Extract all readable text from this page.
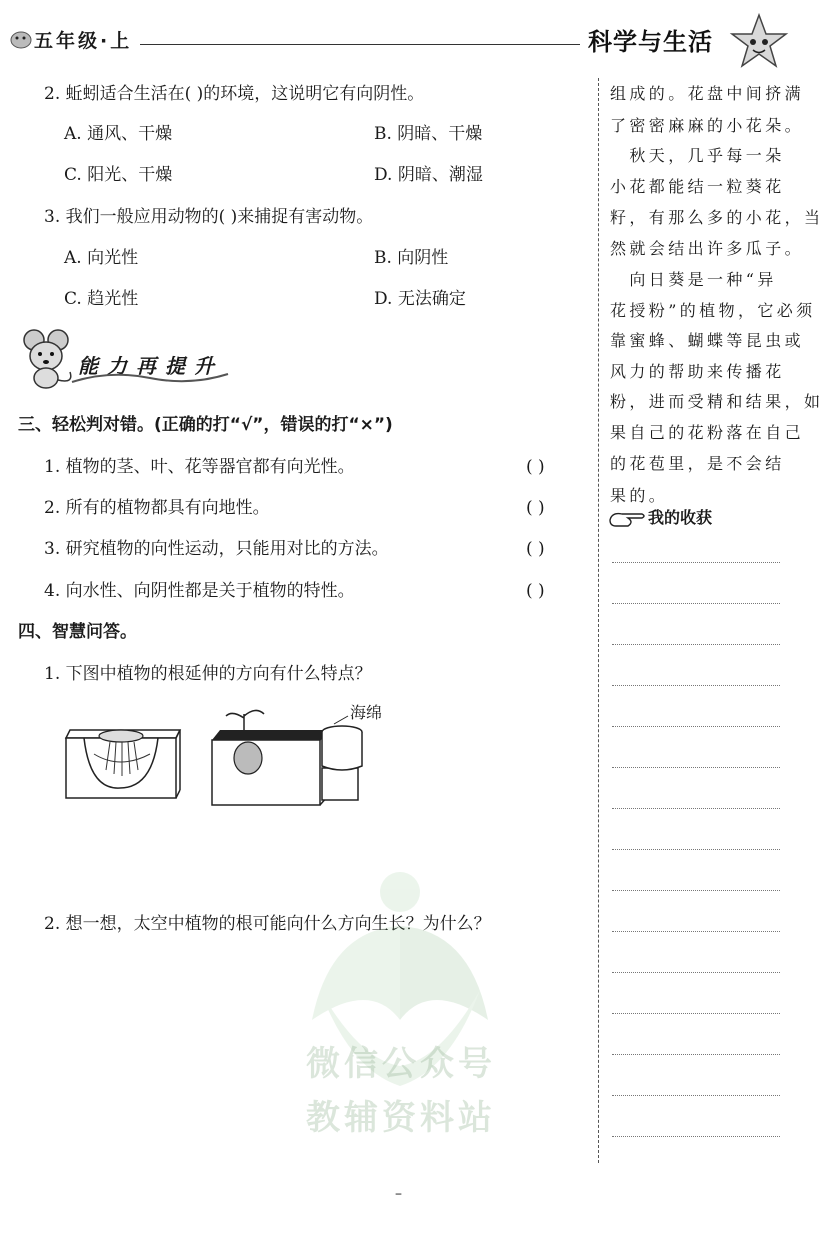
五年级·上	科学与生活
2. 蚯蚓适合生活在( )的环境，这说明它有向阴性。
A. 通风、干燥	B. 阴暗、干燥
C. 阳光、干燥	D. 阴暗、潮湿
3. 我们一般应用动物的( )来捕捉有害动物。
A. 向光性	B. 向阴性
C. 趋光性	D. 无法确定
能力再提升
三、轻松判对错。(正确的打“√”，错误的打“×”)
1. 植物的茎、叶、花等器官都有向光性。	( )
2. 所有的植物都具有向地性。	( )
3. 研究植物的向性运动，只能用对比的方法。	( )
4. 向水性、向阴性都是关于植物的特性。	( )
四、智慧问答。
1. 下图中植物的根延伸的方向有什么特点？
海绵
2. 想一想，太空中植物的根可能向什么方向生长？为什么？
微信公众号
教辅资料站
组成的。花盘中间挤满
了密密麻麻的小花朵。
　秋天，几乎每一朵
小花都能结一粒葵花
籽，有那么多的小花，当
然就会结出许多瓜子。
　向日葵是一种“异
花授粉”的植物，它必须
靠蜜蜂、蝴蝶等昆虫或
风力的帮助来传播花
粉，进而受精和结果，如
果自己的花粉落在自己
的花苞里，是不会结
果的。
我的收获
–
